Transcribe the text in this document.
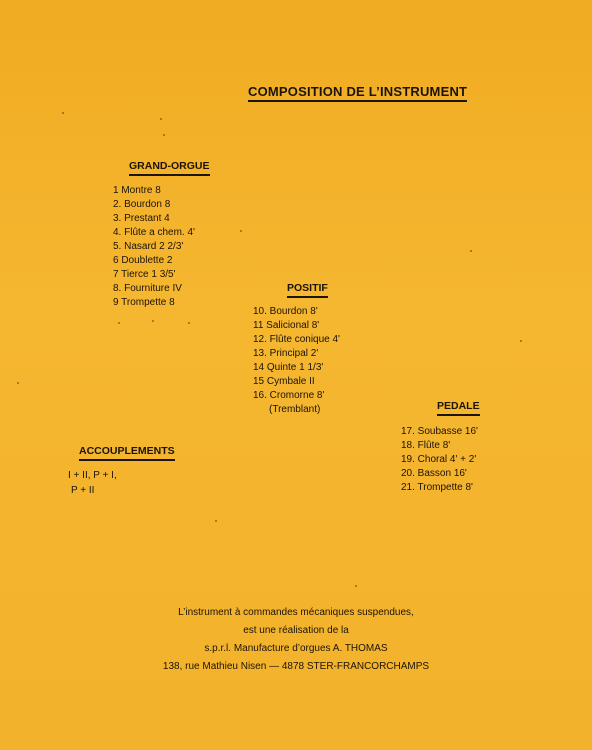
COMPOSITION DE L’INSTRUMENT
GRAND-ORGUE
1 Montre 8
2. Bourdon 8
3. Prestant 4
4. Flûte a chem. 4'
5. Nasard 2 2/3'
6 Doublette 2
7 Tierce 1 3/5'
8. Fourniture IV
9 Trompette 8
POSITIF
10. Bourdon 8'
11 Salicional 8'
12. Flûte conique 4'
13. Principal 2'
14 Quinte 1 1/3'
15 Cymbale II
16. Cromorne 8'
(Tremblant)	PEDALE
17. Soubasse 16'
18. Flûte 8'
19. Choral 4' + 2'
20. Basson 16'
21. Trompette 8'
ACCOUPLEMENTS
I + II, P + I,
P + II
L’instrument à commandes mécaniques suspendues,
est une réalisation de la
s.p.r.l. Manufacture d’orgues A. THOMAS
138, rue Mathieu Nisen — 4878 STER-FRANCORCHAMPS
